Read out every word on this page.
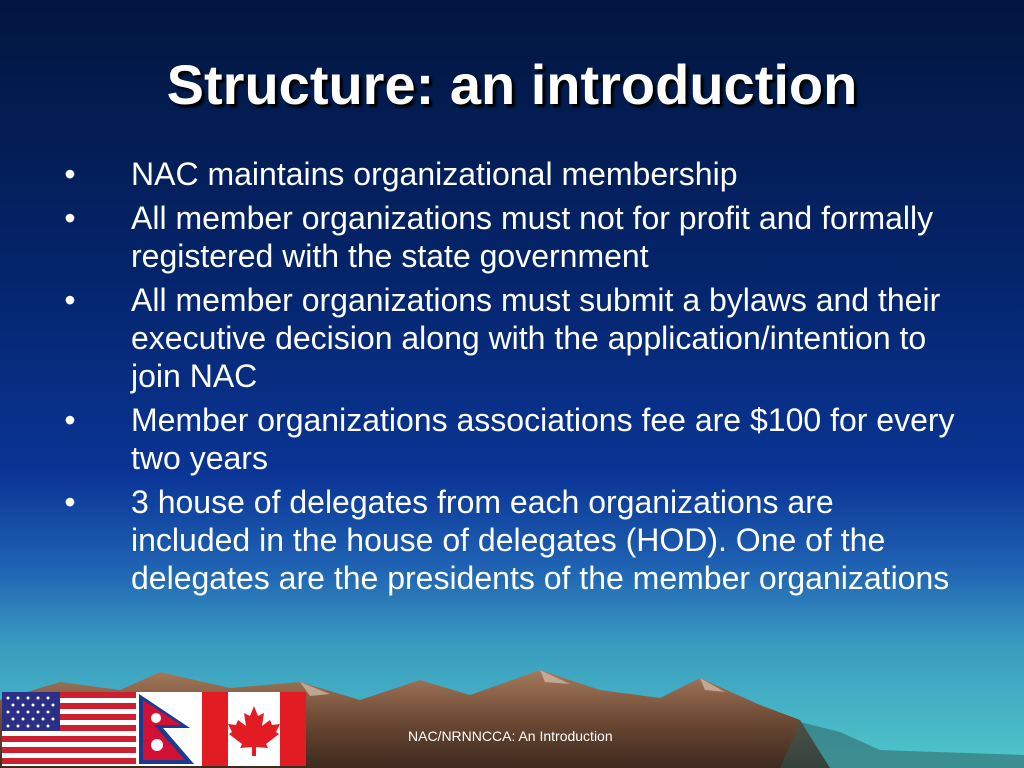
Structure: an introduction
• NAC maintains organizational membership
• All member organizations must not for profit and formally registered with the state government
• All member organizations must submit a bylaws and their executive decision along with the application/intention to join NAC
• Member organizations associations fee are $100 for every two years
• 3 house of delegates from each organizations are included in the house of delegates (HOD). One of the delegates are the presidents of the member organizations
NAC/NRNNCCA: An Introduction
